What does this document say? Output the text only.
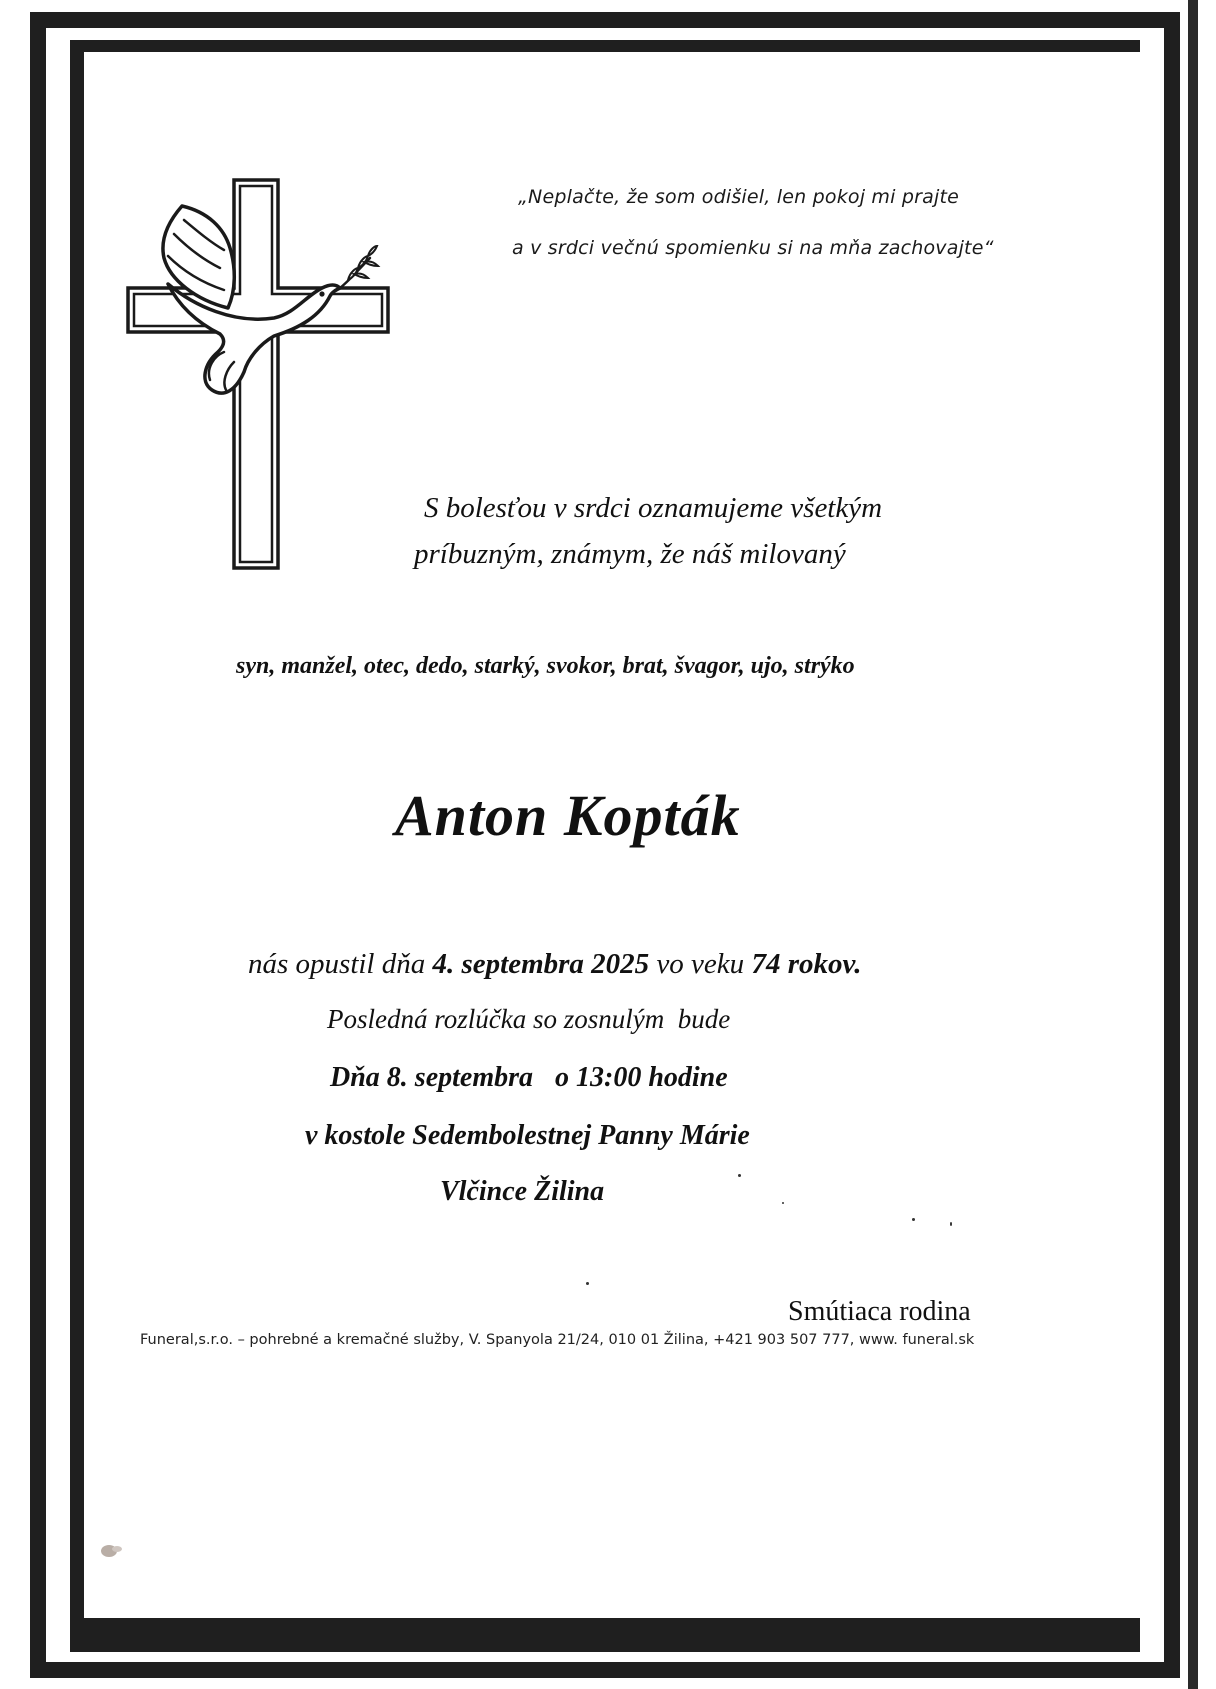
„Neplačte, že som odišiel, len pokoj mi prajte
a v srdci večnú spomienku si na mňa zachovajte“
S bolesťou v srdci oznamujeme všetkým
príbuzným, známym, že náš milovaný
syn, manžel, otec, dedo, starký, svokor, brat, švagor, ujo, strýko
Anton Kopták
nás opustil dňa 4. septembra 2025 vo veku 74 rokov.
Posledná rozlúčka so zosnulým  bude
Dňa 8. septembra o 13:00 hodine
v kostole Sedembolestnej Panny Márie
Vlčince Žilina
Smútiaca rodina
Funeral,s.r.o. – pohrebné a kremačné služby, V. Spanyola 21/24, 010 01 Žilina, +421 903 507 777, www. funeral.sk
